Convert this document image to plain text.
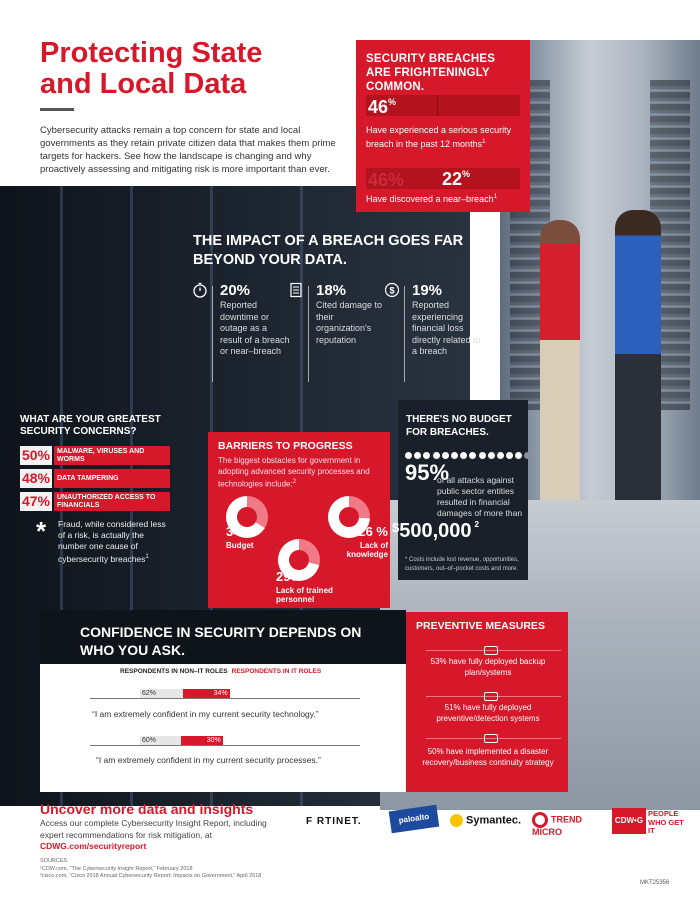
Protecting State
and Local Data
Cybersecurity attacks remain a top concern for state and local governments as they retain private citizen data that makes them prime targets for hackers. See how the landscape is changing and why proactively assessing and mitigating risk is more important than ever.
SECURITY BREACHES ARE FRIGHTENINGLY COMMON.
46%
Have experienced a serious security breach in the past 12 months$^1$
46% 22%
Have discovered a near–breach$^1$
THE IMPACT OF A BREACH GOES FAR BEYOND YOUR DATA.
20%
Reported downtime or outage as a result of a breach or near–breach
18%
Cited damage to their organization's reputation
$ 19%
Reported experiencing financial loss directly related to a breach
WHAT ARE YOUR GREATEST SECURITY CONCERNS?
50% MALWARE, VIRUSES AND WORMS
48% DATA TAMPERING
47% UNAUTHORIZED ACCESS TO FINANCIALS
* Fraud, while considered less of a risk, is actually the number one cause of cybersecurity breaches$^1$
BARRIERS TO PROGRESS

The biggest obstacles for government in adopting advanced security processes and technologies include:$^2$

34%
Budget
26 %
Lack of knowledge
29%
Lack of trained personnel
THERE'S NO BUDGET FOR BREACHES.
95%
of all attacks against public sector entities resulted in financial damages of more than
$500,000 $^2$
* Costs include lost revenue, opportunities, customers, out–of–pocket costs and more.
CONFIDENCE IN SECURITY DEPENDS ON WHO YOU ASK.
RESPONDENTS IN NON–IT ROLES RESPONDENTS IN IT ROLES
62%	34%
“I am extremely confident in my current security technology.”
60%	30%
“I am extremely confident in my current security processes.”
PREVENTIVE MEASURES
53% have fully deployed backup plan/systems
51% have fully deployed preventive/detection systems
50% have implemented a disaster recovery/business continuity strategy
Uncover more data and insights
Access our complete Cybersecurity Insight Report, including expert recommendations for risk mitigation, at CDWG.com/securityreport
SOURCES
¹CDW.com, “The Cybersecurity Insight Report,” February 2018
²cisco.com, “Cisco 2018 Annual Cybersecurity Report: Impacts on Government,” April 2018
F RTINET.	paloalto	Symantec.	TREND MICRO
CDW•G
PEOPLE WHO GET IT
MKT25356
